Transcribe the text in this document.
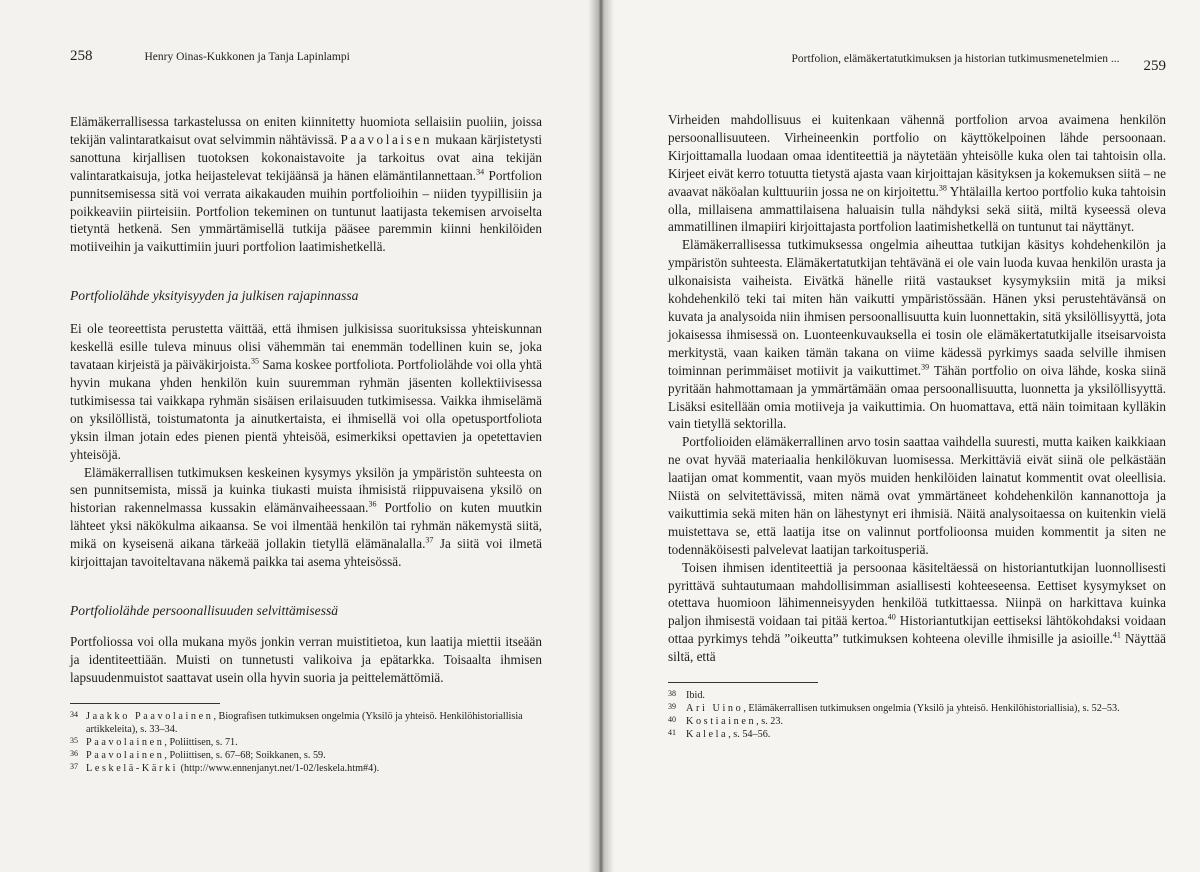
258	Henry Oinas-Kukkonen ja Tanja Lapinlampi

Elämäkerrallisessa tarkastelussa on eniten kiinnitetty huomiota sellaisiin puoliin, joissa tekijän valintaratkaisut ovat selvimmin nähtävissä. Paavolaisen mukaan kärjistetysti sanottuna kirjallisen tuotoksen kokonaistavoite ja tarkoitus ovat aina tekijän valintaratkaisuja, jotka heijastelevat tekijäänsä ja hänen elämäntilannettaan.$^{34}$ Portfolion punnitsemisessa sitä voi verrata aikakauden muihin portfolioihin – niiden tyypillisiin ja poikkeaviin piirteisiin. Portfolion tekeminen on tuntunut laatijasta tekemisen arvoiselta tietyntä hetkenä. Sen ymmärtämisellä tutkija pääsee paremmin kiinni henkilöiden motiiveihin ja vaikuttimiin juuri portfolion laatimishetkellä.

Portfoliolähde yksityisyyden ja julkisen rajapinnassa

Ei ole teoreettista perustetta väittää, että ihmisen julkisissa suorituksissa yhteiskunnan keskellä esille tuleva minuus olisi vähemmän tai enemmän todellinen kuin se, joka tavataan kirjeistä ja päiväkirjoista.$^{35}$ Sama koskee portfoliota. Portfoliolähde voi olla yhtä hyvin mukana yhden henkilön kuin suuremman ryhmän jäsenten kollektiivisessa tutkimisessa tai vaikkapa ryhmän sisäisen erilaisuuden tutkimisessa. Vaikka ihmiselämä on yksilöllistä, toistumatonta ja ainutkertaista, ei ihmisellä voi olla opetusportfoliota yksin ilman jotain edes pienen pientä yhteisöä, esimerkiksi opettavien ja opetettavien yhteisöjä.

Elämäkerrallisen tutkimuksen keskeinen kysymys yksilön ja ympäristön suhteesta on sen punnitsemista, missä ja kuinka tiukasti muista ihmisistä riippuvaisena yksilö on historian rakennelmassa kussakin elämänvaiheessaan.$^{36}$ Portfolio on kuten muutkin lähteet yksi näkökulma aikaansa. Se voi ilmentää henkilön tai ryhmän näkemystä siitä, mikä on kyseisenä aikana tärkeää jollakin tietyllä elämänalalla.$^{37}$ Ja siitä voi ilmetä kirjoittajan tavoiteltavana näkemä paikka tai asema yhteisössä.

Portfoliolähde persoonallisuuden selvittämisessä

Portfoliossa voi olla mukana myös jonkin verran muistitietoa, kun laatija miettii itseään ja identiteettiään. Muisti on tunnetusti valikoiva ja epätarkka. Toisaalta ihmisen lapsuudenmuistot saattavat usein olla hyvin suoria ja peittelemättömiä.

34 Jaakko Paavolainen, Biografisen tutkimuksen ongelmia (Yksilö ja yhteisö. Henkilöhistoriallisia artikkeleita), s. 33–34.
35 Paavolainen, Poliittisen, s. 71.
36 Paavolainen, Poliittisen, s. 67–68; Soikkanen, s. 59.
37 Leskelä-Kärki (http://www.ennenjanyt.net/1-02/leskela.htm#4).
Portfolion, elämäkertatutkimuksen ja historian tutkimusmenetelmien ... 259

Virheiden mahdollisuus ei kuitenkaan vähennä portfolion arvoa avaimena henkilön persoonallisuuteen. Virheineenkin portfolio on käyttökelpoinen lähde persoonaan. Kirjoittamalla luodaan omaa identiteettiä ja näytetään yhteisölle kuka olen tai tahtoisin olla. Kirjeet eivät kerro totuutta tietystä ajasta vaan kirjoittajan käsityksen ja kokemuksen siitä – ne avaavat näköalan kulttuuriin jossa ne on kirjoitettu.$^{38}$ Yhtälailla kertoo portfolio kuka tahtoisin olla, millaisena ammattilaisena haluaisin tulla nähdyksi sekä siitä, miltä kyseessä oleva ammatillinen ilmapiiri kirjoittajasta portfolion laatimishetkellä on tuntunut tai näyttänyt.

Elämäkerrallisessa tutkimuksessa ongelmia aiheuttaa tutkijan käsitys kohdehenkilön ja ympäristön suhteesta. Elämäkertatutkijan tehtävänä ei ole vain luoda kuvaa henkilön urasta ja ulkonaisista vaiheista. Eivätkä hänelle riitä vastaukset kysymyksiin mitä ja miksi kohdehenkilö teki tai miten hän vaikutti ympäristössään. Hänen yksi perustehtävänsä on kuvata ja analysoida niin ihmisen persoonallisuutta kuin luonnettakin, sitä yksilöllisyyttä, jota jokaisessa ihmisessä on. Luonteenkuvauksella ei tosin ole elämäkertatutkijalle itseisarvoista merkitystä, vaan kaiken tämän takana on viime kädessä pyrkimys saada selville ihmisen toiminnan perimmäiset motiivit ja vaikuttimet.$^{39}$ Tähän portfolio on oiva lähde, koska siinä pyritään hahmottamaan ja ymmärtämään omaa persoonallisuutta, luonnetta ja yksilöllisyyttä. Lisäksi esitellään omia motiiveja ja vaikuttimia. On huomattava, että näin toimitaan kylläkin vain tietyllä sektorilla.

Portfolioiden elämäkerrallinen arvo tosin saattaa vaihdella suuresti, mutta kaiken kaikkiaan ne ovat hyvää materiaalia henkilökuvan luomisessa. Merkittäviä eivät siinä ole pelkästään laatijan omat kommentit, vaan myös muiden henkilöiden lainatut kommentit ovat oleellisia. Niistä on selvitettävissä, miten nämä ovat ymmärtäneet kohdehenkilön kannanottoja ja vaikuttimia sekä miten hän on lähestynyt eri ihmisiä. Näitä analysoitaessa on kuitenkin vielä muistettava se, että laatija itse on valinnut portfolioonsa muiden kommentit ja siten ne todennäköisesti palvelevat laatijan tarkoitusperiä.

Toisen ihmisen identiteettiä ja persoonaa käsiteltäessä on historiantutkijan luonnollisesti pyrittävä suhtautumaan mahdollisimman asiallisesti kohteeseensa. Eettiset kysymykset on otettava huomioon lähimenneisyyden henkilöä tutkittaessa. Niinpä on harkittava kuinka paljon ihmisestä voidaan tai pitää kertoa.$^{40}$ Historiantutkijan eettiseksi lähtökohdaksi voidaan ottaa pyrkimys tehdä ”oikeutta” tutkimuksen kohteena oleville ihmisille ja asioille.$^{41}$ Näyttää siltä, että

38 Ibid.
39 Ari Uino, Elämäkerrallisen tutkimuksen ongelmia (Yksilö ja yhteisö. Henkilöhistoriallisia), s. 52–53.
40 Kostiainen, s. 23.
41 Kalela, s. 54–56.
